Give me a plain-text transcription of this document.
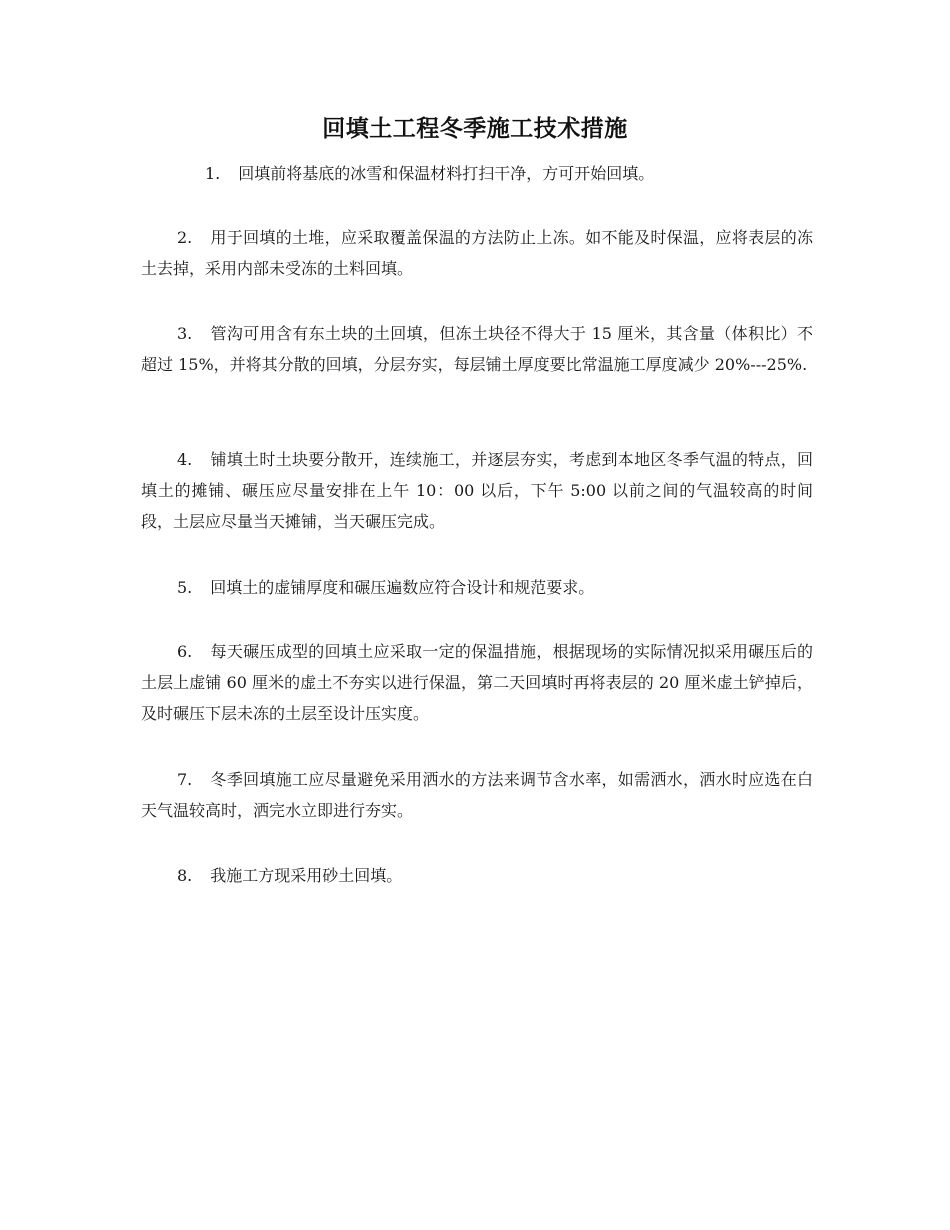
回填土工程冬季施工技术措施
1. 回填前将基底的冰雪和保温材料打扫干净，方可开始回填。
2. 用于回填的土堆，应采取覆盖保温的方法防止上冻。如不能及时保温，应将表层的冻土去掉，采用内部未受冻的土料回填。
3. 管沟可用含有东土块的土回填，但冻土块径不得大于 15 厘米，其含量（体积比）不超过 15%，并将其分散的回填，分层夯实，每层铺土厚度要比常温施工厚度减少 20%---25%.
4. 铺填土时土块要分散开，连续施工，并逐层夯实，考虑到本地区冬季气温的特点，回填土的摊铺、碾压应尽量安排在上午 10：00 以后，下午 5:00 以前之间的气温较高的时间段，土层应尽量当天摊铺，当天碾压完成。
5. 回填土的虚铺厚度和碾压遍数应符合设计和规范要求。
6. 每天碾压成型的回填土应采取一定的保温措施，根据现场的实际情况拟采用碾压后的土层上虚铺 60 厘米的虚土不夯实以进行保温，第二天回填时再将表层的 20 厘米虚土铲掉后，及时碾压下层未冻的土层至设计压实度。
7. 冬季回填施工应尽量避免采用洒水的方法来调节含水率，如需洒水，洒水时应选在白天气温较高时，洒完水立即进行夯实。
8. 我施工方现采用砂土回填。
